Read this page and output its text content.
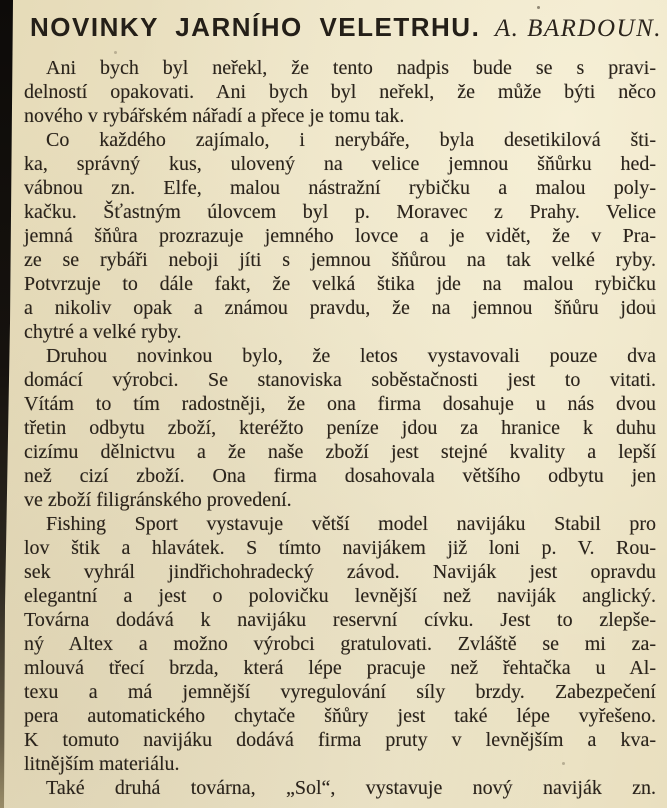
NOVINKY JARNÍHO VELETRHU. A. BARDOUN.
Ani bych byl neřekl, že tento nadpis bude se s pravi-
delností opakovati. Ani bych byl neřekl, že může býti něco
nového v rybářském nářadí a přece je tomu tak.
Co každého zajímalo, i nerybáře, byla desetikilová šti-
ka, správný kus, ulovený na velice jemnou šňůrku hed-
vábnou zn. Elfe, malou nástražní rybičku a malou poly-
kačku. Šťastným úlovcem byl p. Moravec z Prahy. Velice
jemná šňůra prozrazuje jemného lovce a je vidět, že v Pra-
ze se rybáři neboji jíti s jemnou šňůrou na tak velké ryby.
Potvrzuje to dále fakt, že velká štika jde na malou rybičku
a nikoliv opak a známou pravdu, že na jemnou šňůru jdou
chytré a velké ryby.
Druhou novinkou bylo, že letos vystavovali pouze dva
domácí výrobci. Se stanoviska soběstačnosti jest to vitati.
Vítám to tím radostněji, že ona firma dosahuje u nás dvou
třetin odbytu zboží, kteréžto peníze jdou za hranice k duhu
cizímu dělnictvu a že naše zboží jest stejné kvality a lepší
než cizí zboží. Ona firma dosahovala většího odbytu jen
ve zboží filigránského provedení.
Fishing Sport vystavuje větší model navijáku Stabil pro
lov štik a hlavátek. S tímto navijákem již loni p. V. Rou-
sek vyhrál jindřichohradecký závod. Naviják jest opravdu
elegantní a jest o polovičku levnější než naviják anglický.
Továrna dodává k navijáku reservní cívku. Jest to zlepše-
ný Altex a možno výrobci gratulovati. Zvláště se mi za-
mlouvá třecí brzda, která lépe pracuje než řehtačka u Al-
texu a má jemnější vyregulování síly brzdy. Zabezpečení
pera automatického chytače šňůry jest také lépe vyřešeno.
K tomuto navijáku dodává firma pruty v levnějším a kva-
litnějším materiálu.
Také druhá továrna, „Sol“, vystavuje nový naviják zn.
